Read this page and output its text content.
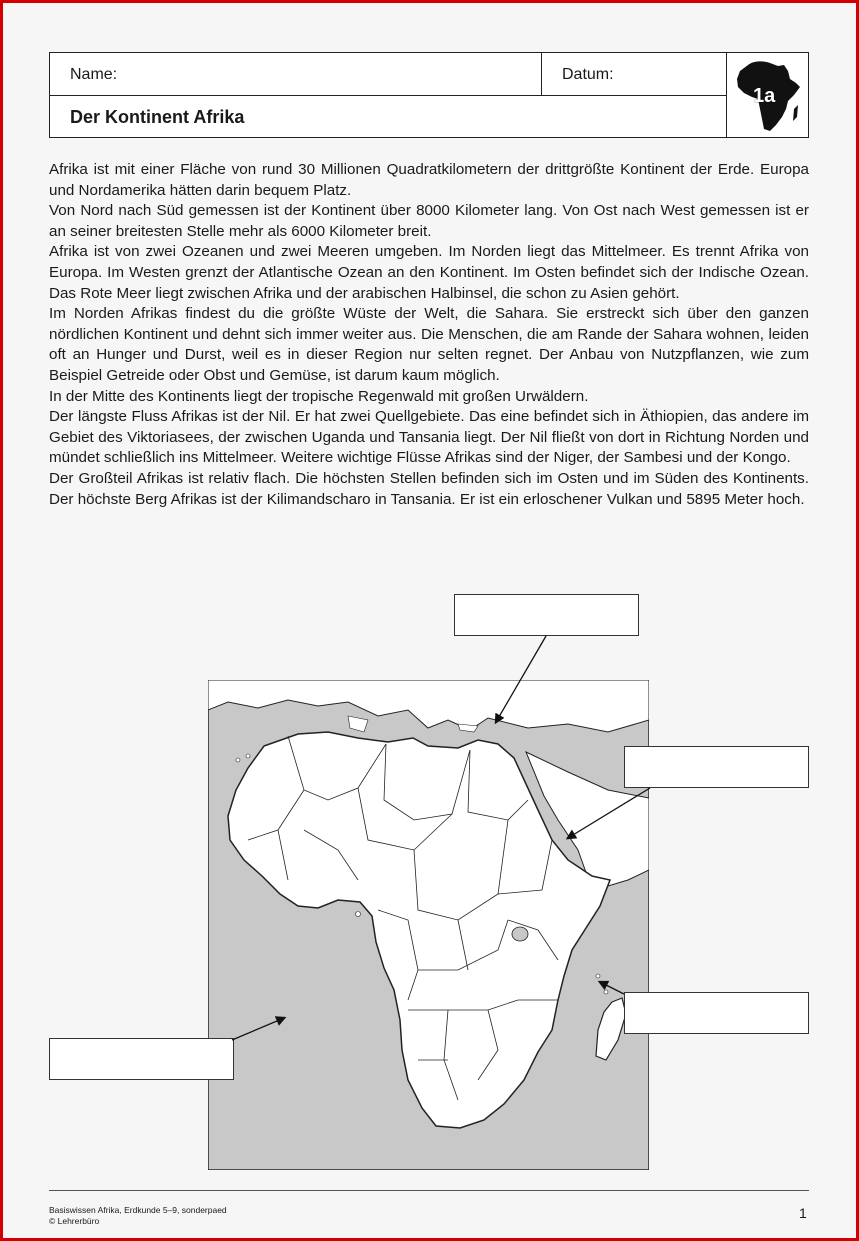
Name:	Datum:
Der Kontinent Afrika
1a

Afrika ist mit einer Fläche von rund 30 Millionen Quadratkilometern der drittgrößte Kontinent der Erde. Europa und Nordamerika hätten darin bequem Platz.

Von Nord nach Süd gemessen ist der Kontinent über 8000 Kilometer lang. Von Ost nach West gemessen ist er an seiner breitesten Stelle mehr als 6000 Kilometer breit.

Afrika ist von zwei Ozeanen und zwei Meeren umgeben. Im Norden liegt das Mittelmeer. Es trennt Afrika von Europa. Im Westen grenzt der Atlantische Ozean an den Kontinent. Im Osten befindet sich der Indische Ozean. Das Rote Meer liegt zwischen Afrika und der arabischen Halbinsel, die schon zu Asien gehört.

Im Norden Afrikas findest du die größte Wüste der Welt, die Sahara. Sie erstreckt sich über den ganzen nördlichen Kontinent und dehnt sich immer weiter aus. Die Menschen, die am Rande der Sahara wohnen, leiden oft an Hunger und Durst, weil es in dieser Region nur selten regnet. Der Anbau von Nutzpflanzen, wie zum Beispiel Getreide oder Obst und Gemüse, ist darum kaum möglich.

In der Mitte des Kontinents liegt der tropische Regenwald mit großen Urwäldern.

Der längste Fluss Afrikas ist der Nil. Er hat zwei Quellgebiete. Das eine befindet sich in Äthiopien, das andere im Gebiet des Viktoriasees, der zwischen Uganda und Tansania liegt. Der Nil fließt von dort in Richtung Norden und mündet schließlich ins Mittelmeer. Weitere wichtige Flüsse Afrikas sind der Niger, der Sambesi und der Kongo.

Der Großteil Afrikas ist relativ flach. Die höchsten Stellen befinden sich im Osten und im Süden des Kontinents. Der höchste Berg Afrikas ist der Kilimandscharo in Tansania. Er ist ein erloschener Vulkan und 5895 Meter hoch.

Basiswissen Afrika, Erdkunde 5–9, sonderpaed
© Lehrerbüro	1
